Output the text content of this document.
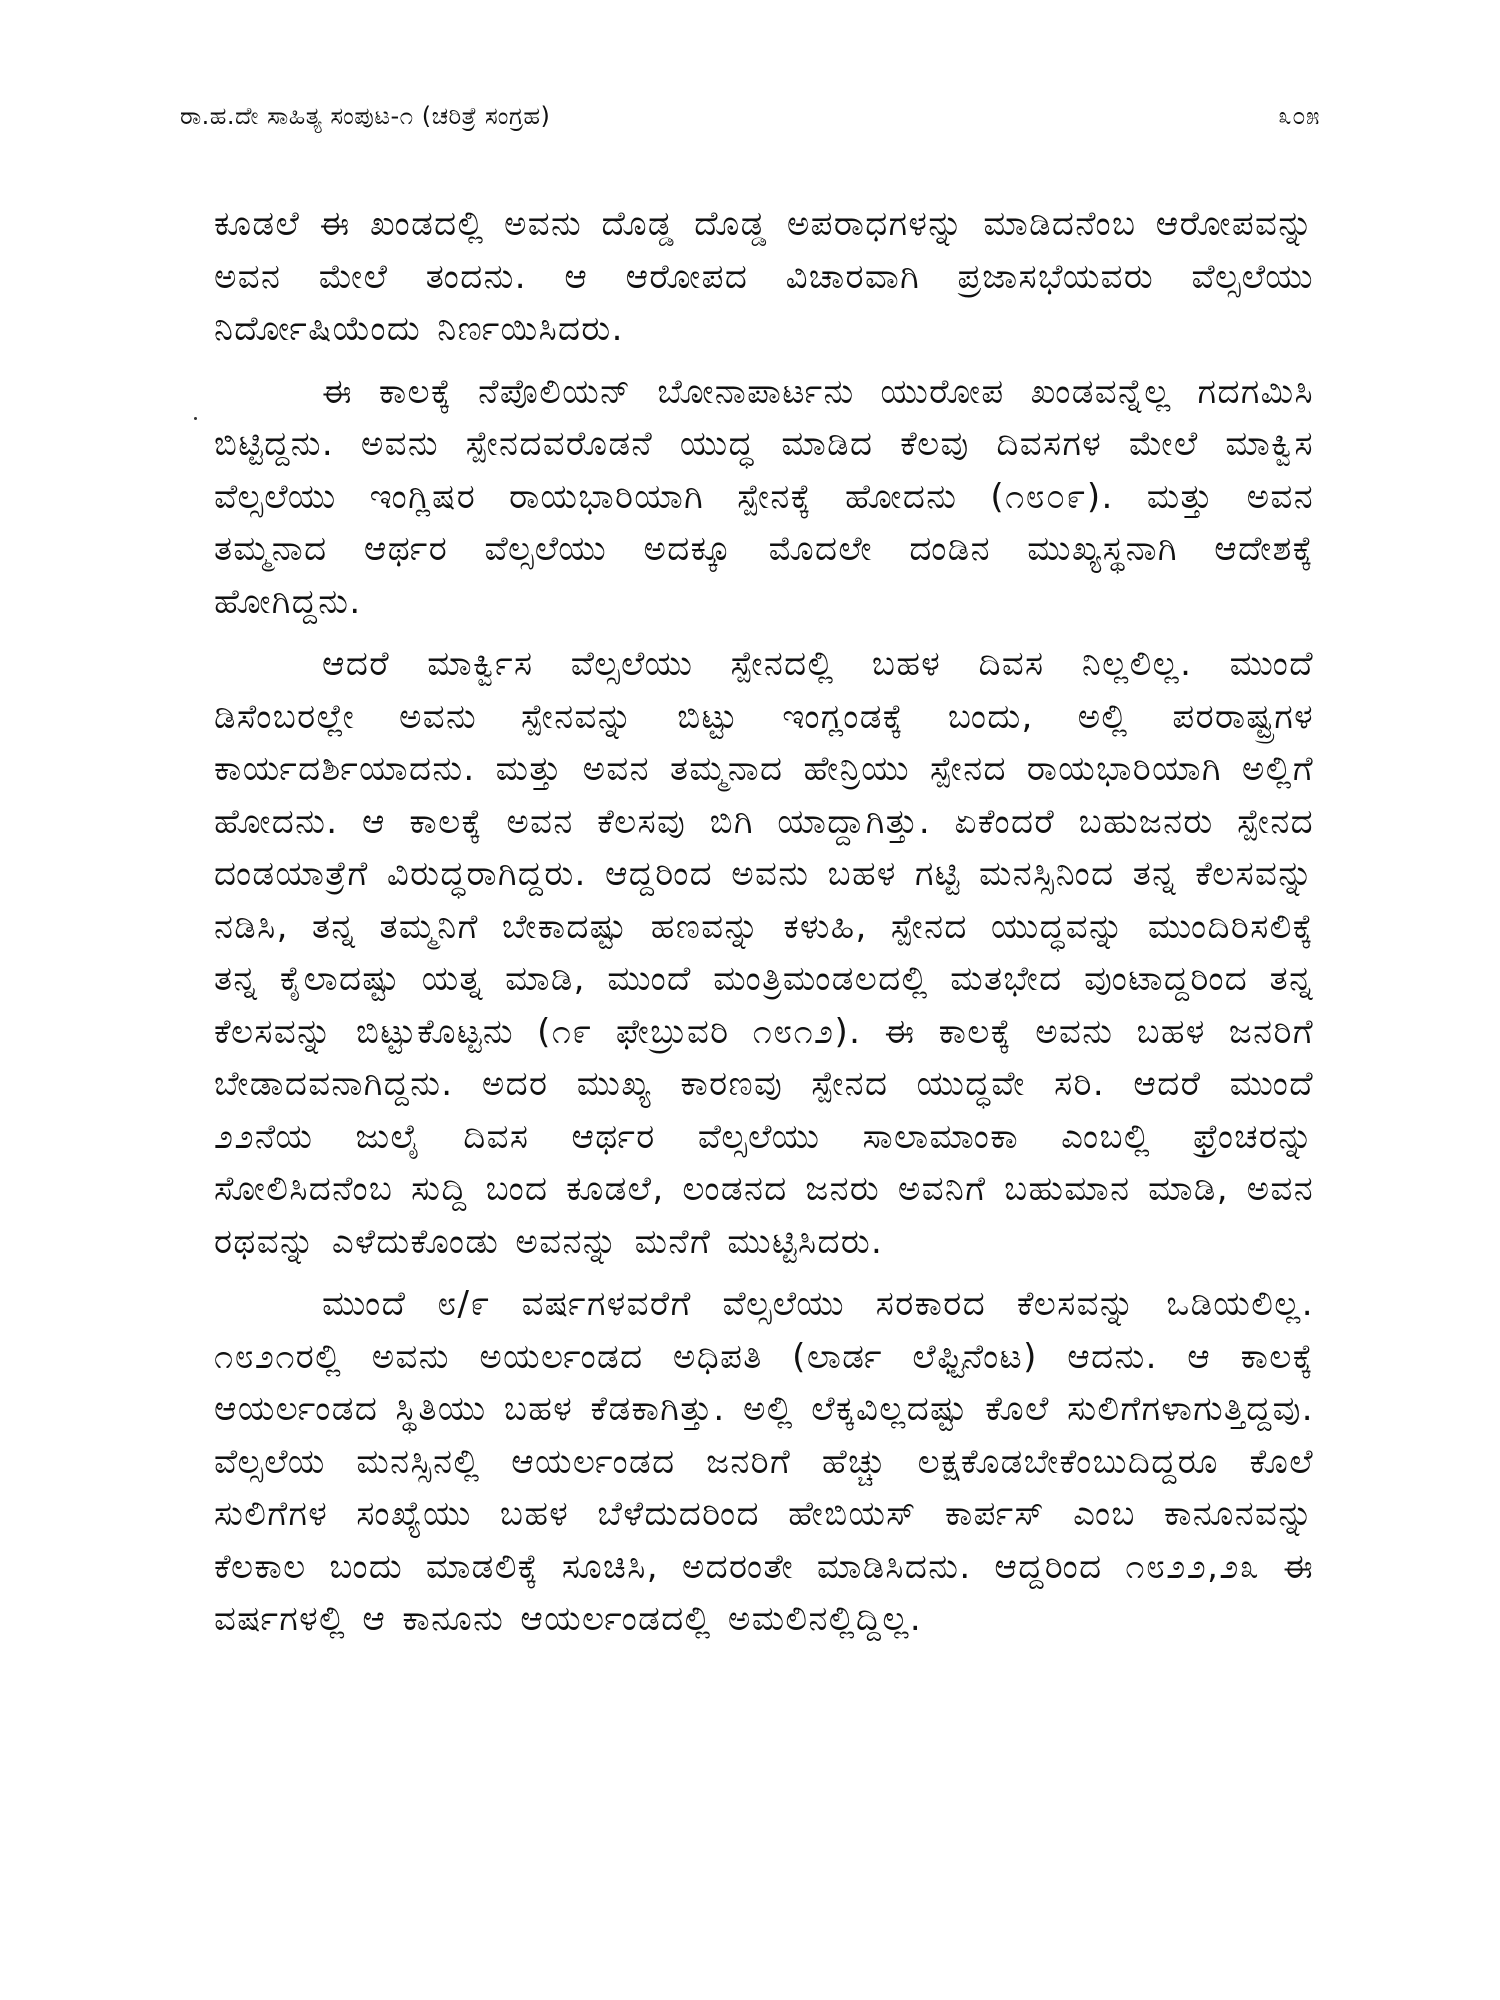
ರಾ.ಹ.ದೇ ಸಾಹಿತ್ಯ ಸಂಪುಟ-೧ (ಚರಿತ್ರೆ ಸಂಗ್ರಹ)	೩೦೫

ಕೂಡಲೆ ಈ ಖಂಡದಲ್ಲಿ ಅವನು ದೊಡ್ಡ ದೊಡ್ಡ ಅಪರಾಧಗಳನ್ನು ಮಾಡಿದನೆಂಬ ಆರೋಪವನ್ನು ಅವನ ಮೇಲೆ ತಂದನು. ಆ ಆರೋಪದ ವಿಚಾರವಾಗಿ ಪ್ರಜಾಸಭೆಯವರು ವೆಲ್ಸಲೆಯು ನಿರ್ದೋಷಿಯೆಂದು ನಿರ್ಣಯಿಸಿದರು.

ಈ ಕಾಲಕ್ಕೆ ನೆಪೊಲಿಯನ್ ಬೋನಾಪಾರ್ಟನು ಯುರೋಪ ಖಂಡವನ್ನೆಲ್ಲ ಗದಗಮಿಸಿ ಬಿಟ್ಟಿದ್ದನು. ಅವನು ಸ್ಪೇನದವರೊಡನೆ ಯುದ್ಧ ಮಾಡಿದ ಕೆಲವು ದಿವಸಗಳ ಮೇಲೆ ಮಾಕ್ವಿಸ ವೆಲ್ಸಲೆಯು ಇಂಗ್ಲಿಷರ ರಾಯಭಾರಿಯಾಗಿ ಸ್ಪೇನಕ್ಕೆ ಹೋದನು (೧೮೦೯). ಮತ್ತು ಅವನ ತಮ್ಮನಾದ ಆರ್ಥರ ವೆಲ್ಸಲೆಯು ಅದಕ್ಕೂ ಮೊದಲೇ ದಂಡಿನ ಮುಖ್ಯಸ್ಥನಾಗಿ ಆದೇಶಕ್ಕೆ ಹೋಗಿದ್ದನು.

ಆದರೆ ಮಾರ್ಕ್ವಿಸ ವೆಲ್ಸಲೆಯು ಸ್ಪೇನದಲ್ಲಿ ಬಹಳ ದಿವಸ ನಿಲ್ಲಲಿಲ್ಲ. ಮುಂದೆ ಡಿಸೆಂಬರಲ್ಲೇ ಅವನು ಸ್ಪೇನವನ್ನು ಬಿಟ್ಟು ಇಂಗ್ಲಂಡಕ್ಕೆ ಬಂದು, ಅಲ್ಲಿ ಪರರಾಷ್ಟ್ರಗಳ ಕಾರ್ಯದರ್ಶಿಯಾದನು. ಮತ್ತು ಅವನ ತಮ್ಮನಾದ ಹೇನ್ರಿಯು ಸ್ಪೇನದ ರಾಯಭಾರಿಯಾಗಿ ಅಲ್ಲಿಗೆ ಹೋದನು. ಆ ಕಾಲಕ್ಕೆ ಅವನ ಕೆಲಸವು ಬಿಗಿ ಯಾದ್ದಾಗಿತ್ತು. ಏಕೆಂದರೆ ಬಹುಜನರು ಸ್ಪೇನದ ದಂಡಯಾತ್ರೆಗೆ ವಿರುದ್ಧರಾಗಿದ್ದರು. ಆದ್ದರಿಂದ ಅವನು ಬಹಳ ಗಟ್ಟಿ ಮನಸ್ಸಿನಿಂದ ತನ್ನ ಕೆಲಸವನ್ನು ನಡಿಸಿ, ತನ್ನ ತಮ್ಮನಿಗೆ ಬೇಕಾದಷ್ಟು ಹಣವನ್ನು ಕಳುಹಿ, ಸ್ಪೇನದ ಯುದ್ಧವನ್ನು ಮುಂದಿರಿಸಲಿಕ್ಕೆ ತನ್ನ ಕೈಲಾದಷ್ಟು ಯತ್ನ ಮಾಡಿ, ಮುಂದೆ ಮಂತ್ರಿಮಂಡಲದಲ್ಲಿ ಮತಭೇದ ವುಂಟಾದ್ದರಿಂದ ತನ್ನ ಕೆಲಸವನ್ನು ಬಿಟ್ಟುಕೊಟ್ಟನು (೧೯ ಫೇಬ್ರುವರಿ ೧೮೧೨). ಈ ಕಾಲಕ್ಕೆ ಅವನು ಬಹಳ ಜನರಿಗೆ ಬೇಡಾದವನಾಗಿದ್ದನು. ಅದರ ಮುಖ್ಯ ಕಾರಣವು ಸ್ಪೇನದ ಯುದ್ಧವೇ ಸರಿ. ಆದರೆ ಮುಂದೆ ೨೨ನೆಯ ಜುಲೈ ದಿವಸ ಆರ್ಥರ ವೆಲ್ಸಲೆಯು ಸಾಲಾಮಾಂಕಾ ಎಂಬಲ್ಲಿ ಫ್ರೆಂಚರನ್ನು ಸೋಲಿಸಿದನೆಂಬ ಸುದ್ದಿ ಬಂದ ಕೂಡಲೆ, ಲಂಡನದ ಜನರು ಅವನಿಗೆ ಬಹುಮಾನ ಮಾಡಿ, ಅವನ ರಥವನ್ನು ಎಳೆದುಕೊಂಡು ಅವನನ್ನು ಮನೆಗೆ ಮುಟ್ಟಿಸಿದರು.

ಮುಂದೆ ೮/೯ ವರ್ಷಗಳವರೆಗೆ ವೆಲ್ಸಲೆಯು ಸರಕಾರದ ಕೆಲಸವನ್ನು ಒಡಿಯಲಿಲ್ಲ. ೧೮೨೧ರಲ್ಲಿ ಅವನು ಅಯರ್ಲಂಡದ ಅಧಿಪತಿ (ಲಾರ್ಡ ಲೆಫ್ಟಿನೆಂಟ) ಆದನು. ಆ ಕಾಲಕ್ಕೆ ಆಯರ್ಲಂಡದ ಸ್ಥಿತಿಯು ಬಹಳ ಕೆಡಕಾಗಿತ್ತು. ಅಲ್ಲಿ ಲೆಕ್ಕವಿಲ್ಲದಷ್ಟು ಕೊಲೆ ಸುಲಿಗೆಗಳಾಗುತ್ತಿದ್ದವು. ವೆಲ್ಸಲೆಯ ಮನಸ್ಸಿನಲ್ಲಿ ಆಯರ್ಲಂಡದ ಜನರಿಗೆ ಹೆಚ್ಚು ಲಕ್ಷಕೊಡಬೇಕೆಂಬುದಿದ್ದರೂ ಕೊಲೆ ಸುಲಿಗೆಗಳ ಸಂಖ್ಯೆಯು ಬಹಳ ಬೆಳೆದುದರಿಂದ ಹೇಬಿಯಸ್ ಕಾರ್ಪಸ್ ಎಂಬ ಕಾನೂನವನ್ನು ಕೆಲಕಾಲ ಬಂದು ಮಾಡಲಿಕ್ಕೆ ಸೂಚಿಸಿ, ಅದರಂತೇ ಮಾಡಿಸಿದನು. ಆದ್ದರಿಂದ ೧೮೨೨,೨೩ ಈ ವರ್ಷಗಳಲ್ಲಿ ಆ ಕಾನೂನು ಆಯರ್ಲಂಡದಲ್ಲಿ ಅಮಲಿನಲ್ಲಿದ್ದಿಲ್ಲ.
